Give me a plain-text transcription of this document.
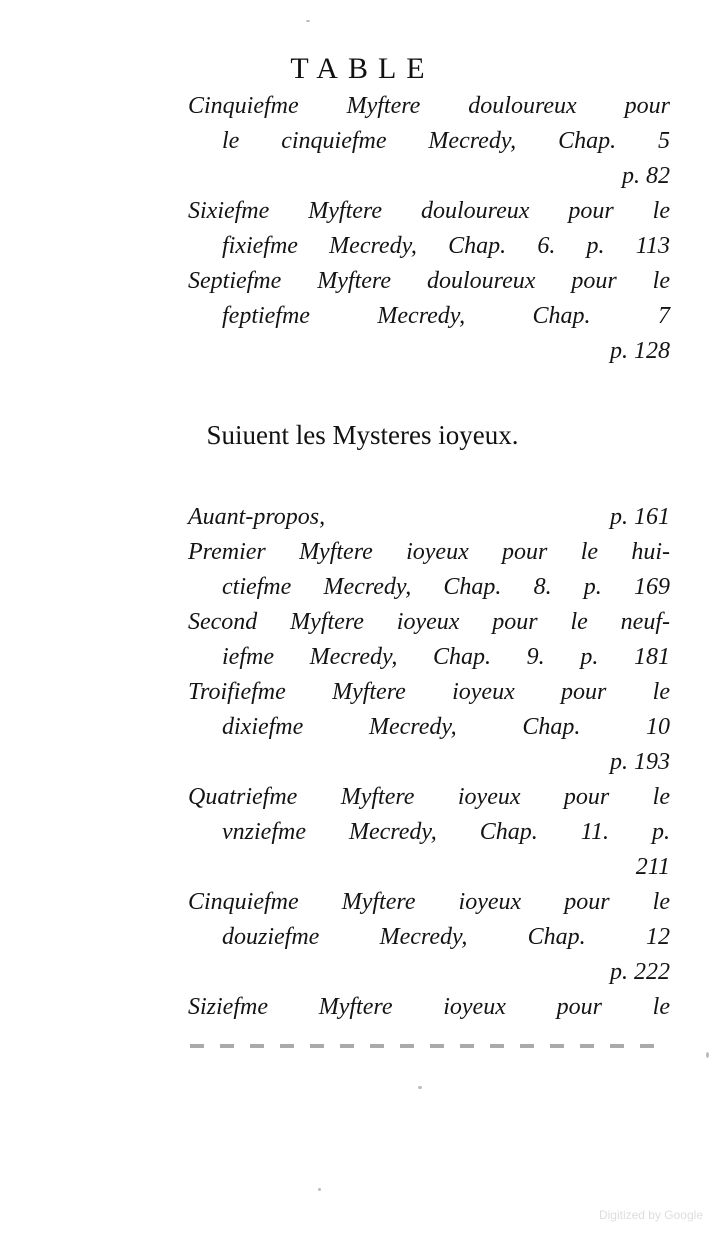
TABLE
Cinquiefme Myftere douloureux pour
le cinquiefme Mecredy, Chap. 5
p. 82
Sixiefme Myftere douloureux pour le
fixiefme Mecredy, Chap. 6. p. 113
Septiefme Myftere douloureux pour le
feptiefme Mecredy, Chap. 7
p. 128
Suiuent les Mysteres ioyeux.
Auant-propos,	p. 161
Premier Myftere ioyeux pour le hui-
ctiefme Mecredy, Chap. 8. p. 169
Second Myftere ioyeux pour le neuf-
iefme Mecredy, Chap. 9. p. 181
Troifiefme Myftere ioyeux pour le
dixiefme Mecredy, Chap. 10
p. 193
Quatriefme Myftere ioyeux pour le
vnziefme Mecredy, Chap. 11. p.
211
Cinquiefme Myftere ioyeux pour le
douziefme Mecredy, Chap. 12
p. 222
Siziefme Myftere ioyeux pour le
Digitized by Google
